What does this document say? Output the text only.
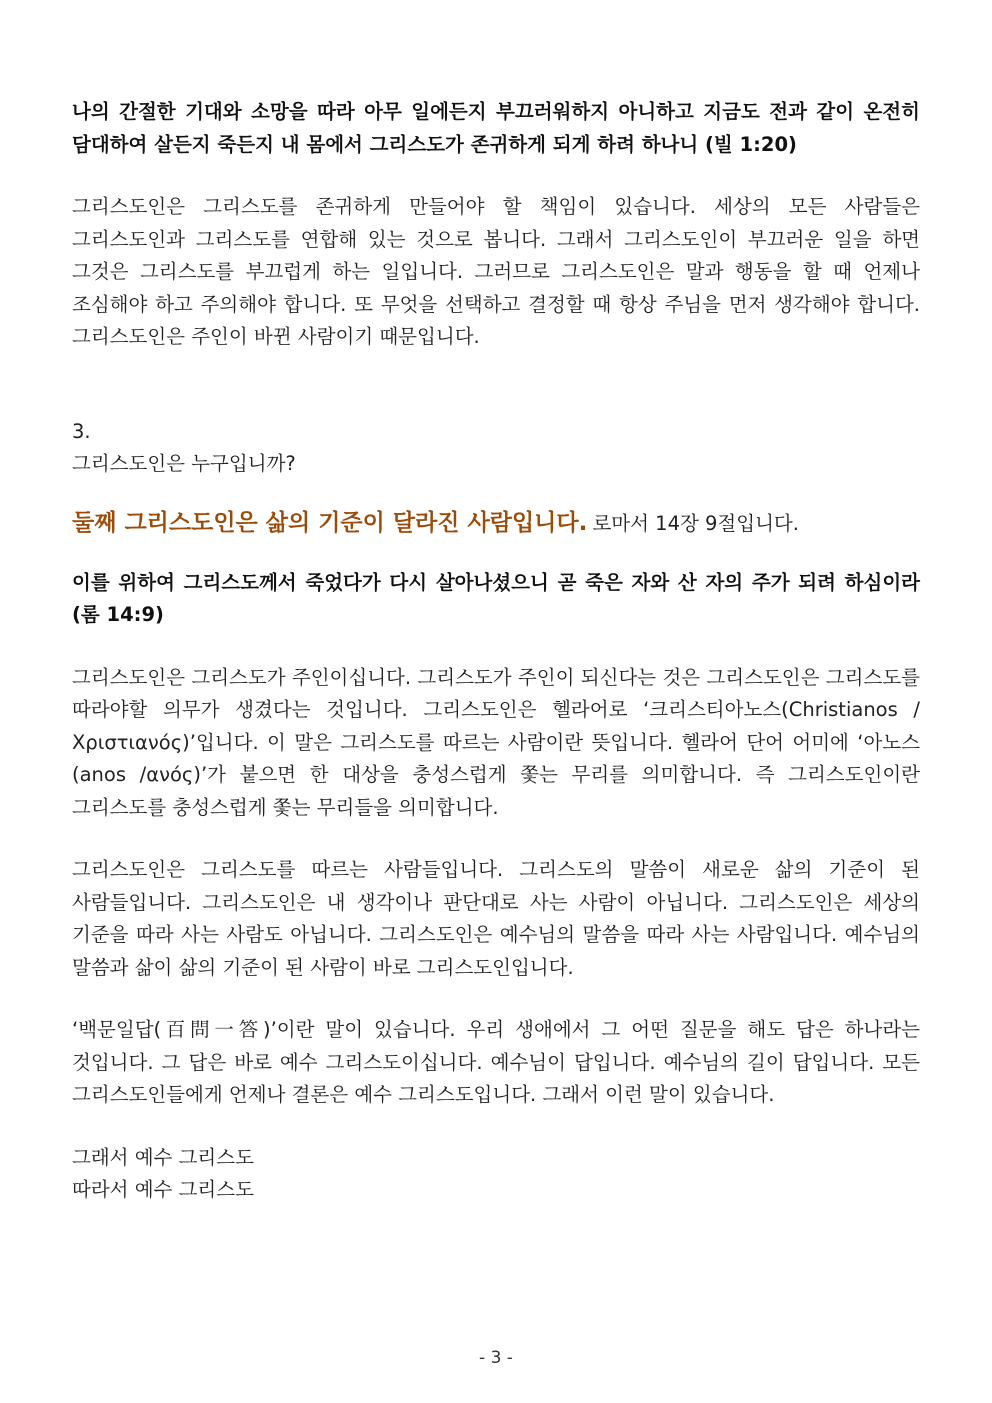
나의 간절한 기대와 소망을 따라 아무 일에든지 부끄러워하지 아니하고 지금도 전과 같이 온전히 담대하여 살든지 죽든지 내 몸에서 그리스도가 존귀하게 되게 하려 하나니 (빌 1:20)

그리스도인은 그리스도를 존귀하게 만들어야 할 책임이 있습니다. 세상의 모든 사람들은 그리스도인과 그리스도를 연합해 있는 것으로 봅니다. 그래서 그리스도인이 부끄러운 일을 하면 그것은 그리스도를 부끄럽게 하는 일입니다. 그러므로 그리스도인은 말과 행동을 할 때 언제나 조심해야 하고 주의해야 합니다. 또 무엇을 선택하고 결정할 때 항상 주님을 먼저 생각해야 합니다. 그리스도인은 주인이 바뀐 사람이기 때문입니다.

3.
그리스도인은 누구입니까?

둘째 그리스도인은 삶의 기준이 달라진 사람입니다. 로마서 14장 9절입니다.

이를 위하여 그리스도께서 죽었다가 다시 살아나셨으니 곧 죽은 자와 산 자의 주가 되려 하심이라 (롬 14:9)

그리스도인은 그리스도가 주인이십니다. 그리스도가 주인이 되신다는 것은 그리스도인은 그리스도를 따라야할 의무가 생겼다는 것입니다. 그리스도인은 헬라어로 ‘크리스티아노스(Christianos / Χριστιανός)’입니다. 이 말은 그리스도를 따르는 사람이란 뜻입니다. 헬라어 단어 어미에 ‘아노스(anos /ανός)’가 붙으면 한 대상을 충성스럽게 쫓는 무리를 의미합니다. 즉 그리스도인이란 그리스도를 충성스럽게 쫓는 무리들을 의미합니다.

그리스도인은 그리스도를 따르는 사람들입니다. 그리스도의 말씀이 새로운 삶의 기준이 된 사람들입니다. 그리스도인은 내 생각이나 판단대로 사는 사람이 아닙니다. 그리스도인은 세상의 기준을 따라 사는 사람도 아닙니다. 그리스도인은 예수님의 말씀을 따라 사는 사람입니다. 예수님의 말씀과 삶이 삶의 기준이 된 사람이 바로 그리스도인입니다.

‘백문일답(百問一答)’이란 말이 있습니다. 우리 생애에서 그 어떤 질문을 해도 답은 하나라는 것입니다. 그 답은 바로 예수 그리스도이십니다. 예수님이 답입니다. 예수님의 길이 답입니다. 모든 그리스도인들에게 언제나 결론은 예수 그리스도입니다. 그래서 이런 말이 있습니다.

그래서 예수 그리스도
따라서 예수 그리스도
- 3 -
